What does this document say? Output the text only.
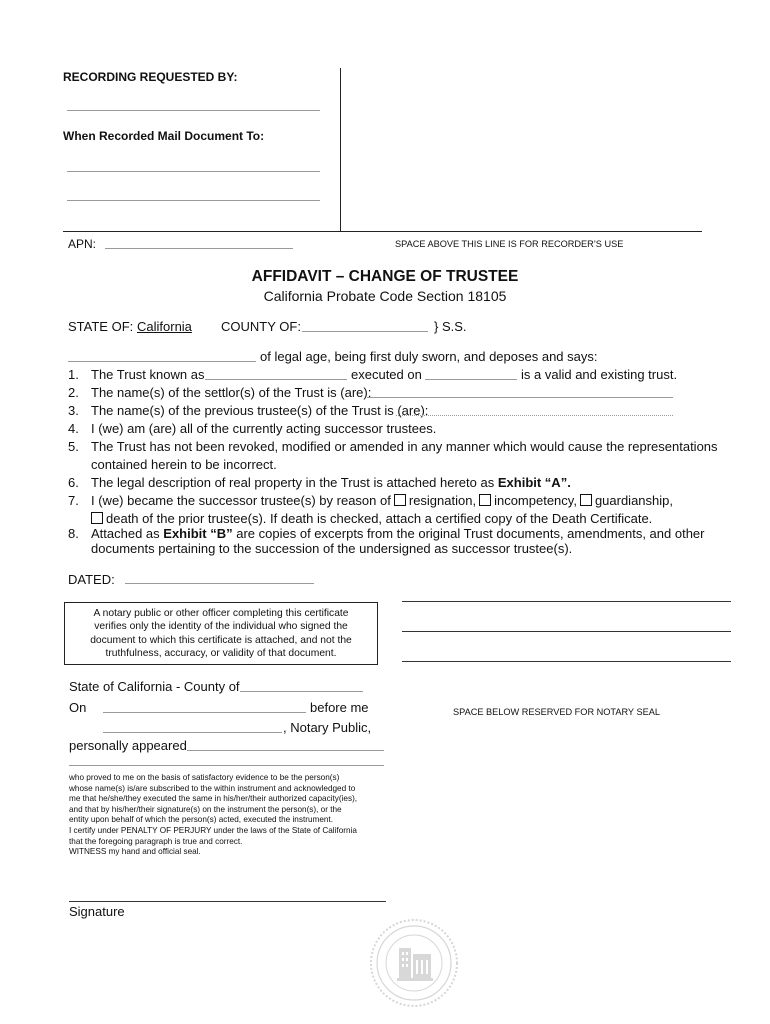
RECORDING REQUESTED BY:
When Recorded Mail Document To:
APN:	SPACE ABOVE THIS LINE IS FOR RECORDER’S USE
AFFIDAVIT – CHANGE OF TRUSTEE
California Probate Code Section 18105
STATE OF: California COUNTY OF:	} S.S.
of legal age, being first duly sworn, and deposes and says:
1. The Trust known as	executed on	is a valid and existing trust.
2. The name(s) of the settlor(s) of the Trust is (are):
3. The name(s) of the previous trustee(s) of the Trust is (are):
4. I (we) am (are) all of the currently acting successor trustees.
5. The Trust has not been revoked, modified or amended in any manner which would cause the representations
contained herein to be incorrect.
6. The legal description of real property in the Trust is attached hereto as Exhibit “A”.
7. I (we) became the successor trustee(s) by reason of resignation, incompetency, guardianship,
death of the prior trustee(s). If death is checked, attach a certified copy of the Death Certificate.
8. Attached as Exhibit “B” are copies of excerpts from the original Trust documents, amendments, and other
documents pertaining to the succession of the undersigned as successor trustee(s).
DATED:
A notary public or other officer completing this certificate
verifies only the identity of the individual who signed the
document to which this certificate is attached, and not the
truthfulness, accuracy, or validity of that document.
State of California - County of
On	before me
, Notary Public,
personally appeared
SPACE BELOW RESERVED FOR NOTARY SEAL
who proved to me on the basis of satisfactory evidence to be the person(s)
whose name(s) is/are subscribed to the within instrument and acknowledged to
me that he/she/they executed the same in his/her/their authorized capacity(ies),
and that by his/her/their signature(s) on the instrument the person(s), or the
entity upon behalf of which the person(s) acted, executed the instrument.
I certify under PENALTY OF PERJURY under the laws of the State of California
that the foregoing paragraph is true and correct.
WITNESS my hand and official seal.
Signature
